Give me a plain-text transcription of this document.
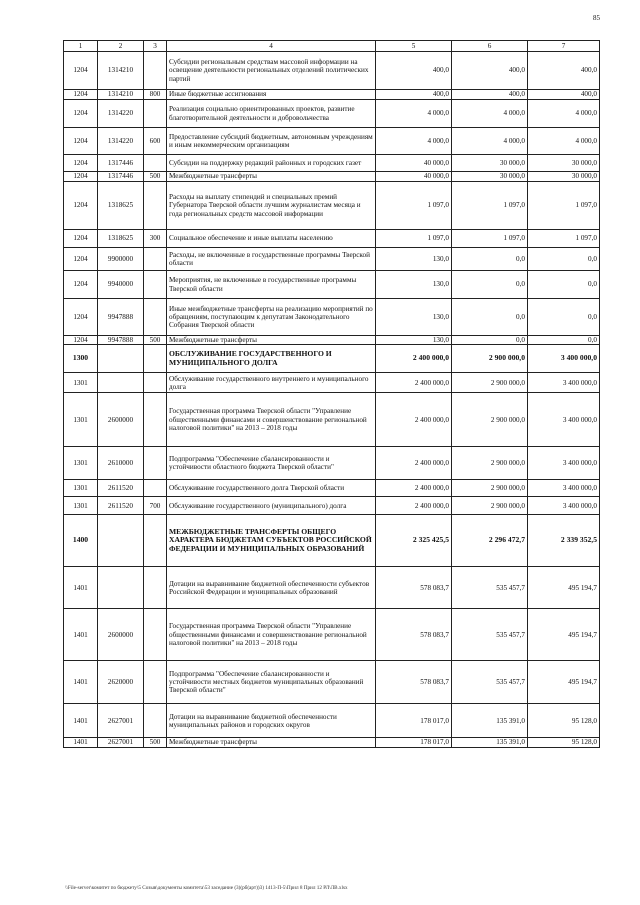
85
1	2	3	4	5	6	7
1204	1314210		Субсидии региональным средствам массовой информации на освещение деятельности региональных отделений политических партий	400,0	400,0	400,0
1204	1314210	800	Иные бюджетные ассигнования	400,0	400,0	400,0
1204	1314220		Реализация социально ориентированных проектов, развитие благотворительной деятельности и добровольчества	4 000,0	4 000,0	4 000,0
1204	1314220	600	Предоставление субсидий бюджетным, автономным учреждениям и иным некоммерческим организациям	4 000,0	4 000,0	4 000,0
1204	1317446		Субсидии на поддержку редакций районных и городских газет	40 000,0	30 000,0	30 000,0
1204	1317446	500	Межбюджетные трансферты	40 000,0	30 000,0	30 000,0
1204	1318625		Расходы на выплату стипендий и специальных премий Губернатора Тверской области лучшим журналистам месяца и года региональных средств массовой информации	1 097,0	1 097,0	1 097,0
1204	1318625	300	Социальное обеспечение и иные выплаты населению	1 097,0	1 097,0	1 097,0
1204	9900000		Расходы, не включенные в государственные программы Тверской области	130,0	0,0	0,0
1204	9940000		Мероприятия, не включенные в государственные программы Тверской области	130,0	0,0	0,0
1204	9947888		Иные межбюджетные трансферты на реализацию мероприятий по обращениям, поступающим к депутатам Законодательного Собрания Тверской области	130,0	0,0	0,0
1204	9947888	500	Межбюджетные трансферты	130,0	0,0	0,0
1300			ОБСЛУЖИВАНИЕ ГОСУДАРСТВЕННОГО И МУНИЦИПАЛЬНОГО ДОЛГА	2 400 000,0	2 900 000,0	3 400 000,0
1301			Обслуживание государственного внутреннего и муниципального долга	2 400 000,0	2 900 000,0	3 400 000,0
1301	2600000		Государственная программа Тверской области "Управление общественными финансами и совершенствование региональной налоговой политики" на 2013 – 2018 годы	2 400 000,0	2 900 000,0	3 400 000,0
1301	2610000		Подпрограмма "Обеспечение сбалансированности и устойчивости областного бюджета Тверской области"	2 400 000,0	2 900 000,0	3 400 000,0
1301	2611520		Обслуживание государственного долга Тверской области	2 400 000,0	2 900 000,0	3 400 000,0
1301	2611520	700	Обслуживание государственного (муниципального) долга	2 400 000,0	2 900 000,0	3 400 000,0
1400			МЕЖБЮДЖЕТНЫЕ ТРАНСФЕРТЫ ОБЩЕГО ХАРАКТЕРА БЮДЖЕТАМ СУБЪЕКТОВ РОССИЙСКОЙ ФЕДЕРАЦИИ И МУНИЦИПАЛЬНЫХ ОБРАЗОВАНИЙ	2 325 425,5	2 296 472,7	2 339 352,5
1401			Дотации на выравнивание бюджетной обеспеченности субъектов Российской Федерации и муниципальных образований	578 083,7	535 457,7	495 194,7
1401	2600000		Государственная программа Тверской области "Управление общественными финансами и совершенствование региональной налоговой политики" на 2013 – 2018 годы	578 083,7	535 457,7	495 194,7
1401	2620000		Подпрограмма "Обеспечение сбалансированности и устойчивости местных бюджетов муниципальных образований Тверской области"	578 083,7	535 457,7	495 194,7
1401	2627001		Дотации на выравнивание бюджетной обеспеченности муниципальных районов и городских округов	178 017,0	135 391,0	95 128,0
1401	2627001	500	Межбюджетные трансферты	178 017,0	135 391,0	95 128,0
\\File-server\комитет по бюджету\5 Созыв\документы комитета\53 заседание (3)(рб(арт))3) 1413-П-5\Прил 8 Прил 12 РЛ\ЛВ.xlsx
